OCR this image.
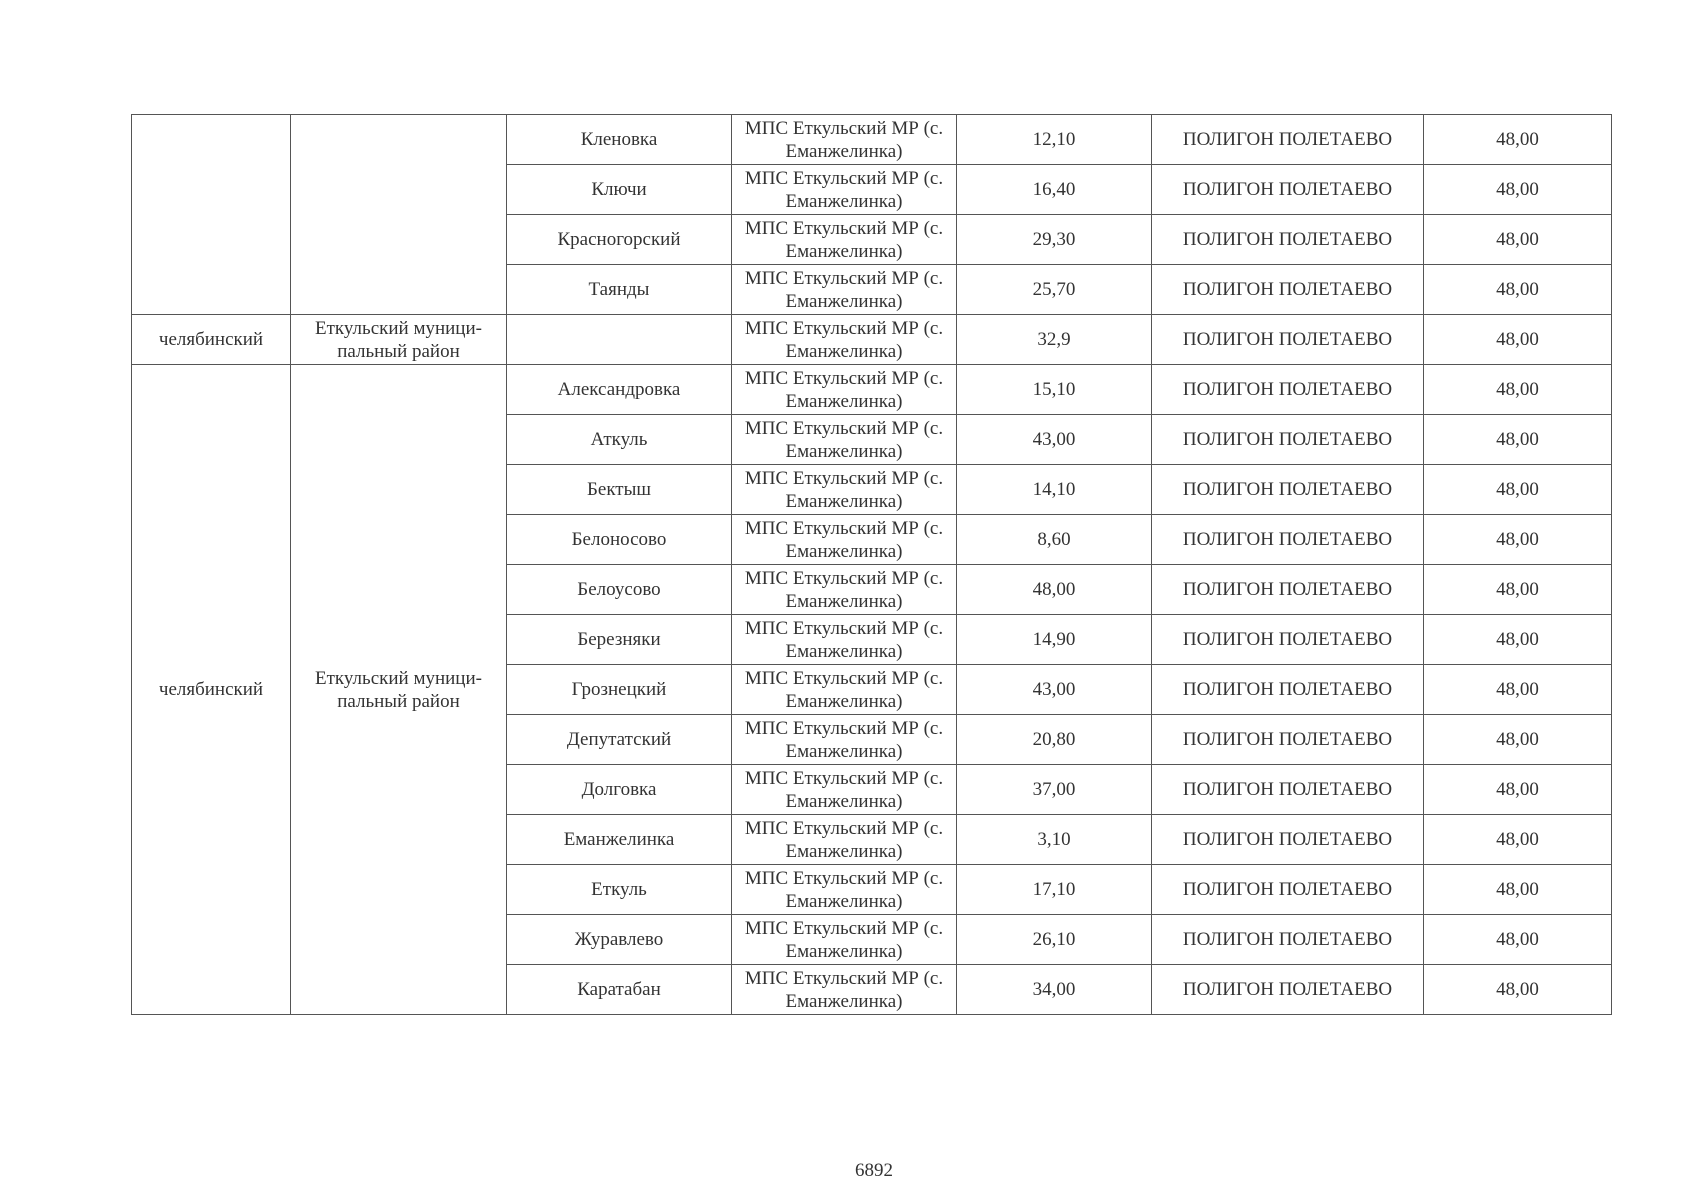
		Кленовка	МПС Еткульский МР (с. Еманжелинка)	12,10	ПОЛИГОН ПОЛЕТАЕВО	48,00
		Ключи	МПС Еткульский МР (с. Еманжелинка)	16,40	ПОЛИГОН ПОЛЕТАЕВО	48,00
		Красногорский	МПС Еткульский МР (с. Еманжелинка)	29,30	ПОЛИГОН ПОЛЕТАЕВО	48,00
		Таянды	МПС Еткульский МР (с. Еманжелинка)	25,70	ПОЛИГОН ПОЛЕТАЕВО	48,00
челябинский	Еткульский муници-пальный район		МПС Еткульский МР (с. Еманжелинка)	32,9	ПОЛИГОН ПОЛЕТАЕВО	48,00
челябинский	Еткульский муници-пальный район	Александровка	МПС Еткульский МР (с. Еманжелинка)	15,10	ПОЛИГОН ПОЛЕТАЕВО	48,00
		Аткуль	МПС Еткульский МР (с. Еманжелинка)	43,00	ПОЛИГОН ПОЛЕТАЕВО	48,00
		Бектыш	МПС Еткульский МР (с. Еманжелинка)	14,10	ПОЛИГОН ПОЛЕТАЕВО	48,00
		Белоносово	МПС Еткульский МР (с. Еманжелинка)	8,60	ПОЛИГОН ПОЛЕТАЕВО	48,00
		Белоусово	МПС Еткульский МР (с. Еманжелинка)	48,00	ПОЛИГОН ПОЛЕТАЕВО	48,00
		Березняки	МПС Еткульский МР (с. Еманжелинка)	14,90	ПОЛИГОН ПОЛЕТАЕВО	48,00
		Грознецкий	МПС Еткульский МР (с. Еманжелинка)	43,00	ПОЛИГОН ПОЛЕТАЕВО	48,00
		Депутатский	МПС Еткульский МР (с. Еманжелинка)	20,80	ПОЛИГОН ПОЛЕТАЕВО	48,00
		Долговка	МПС Еткульский МР (с. Еманжелинка)	37,00	ПОЛИГОН ПОЛЕТАЕВО	48,00
		Еманжелинка	МПС Еткульский МР (с. Еманжелинка)	3,10	ПОЛИГОН ПОЛЕТАЕВО	48,00
		Еткуль	МПС Еткульский МР (с. Еманжелинка)	17,10	ПОЛИГОН ПОЛЕТАЕВО	48,00
		Журавлево	МПС Еткульский МР (с. Еманжелинка)	26,10	ПОЛИГОН ПОЛЕТАЕВО	48,00
		Каратабан	МПС Еткульский МР (с. Еманжелинка)	34,00	ПОЛИГОН ПОЛЕТАЕВО	48,00
6892
